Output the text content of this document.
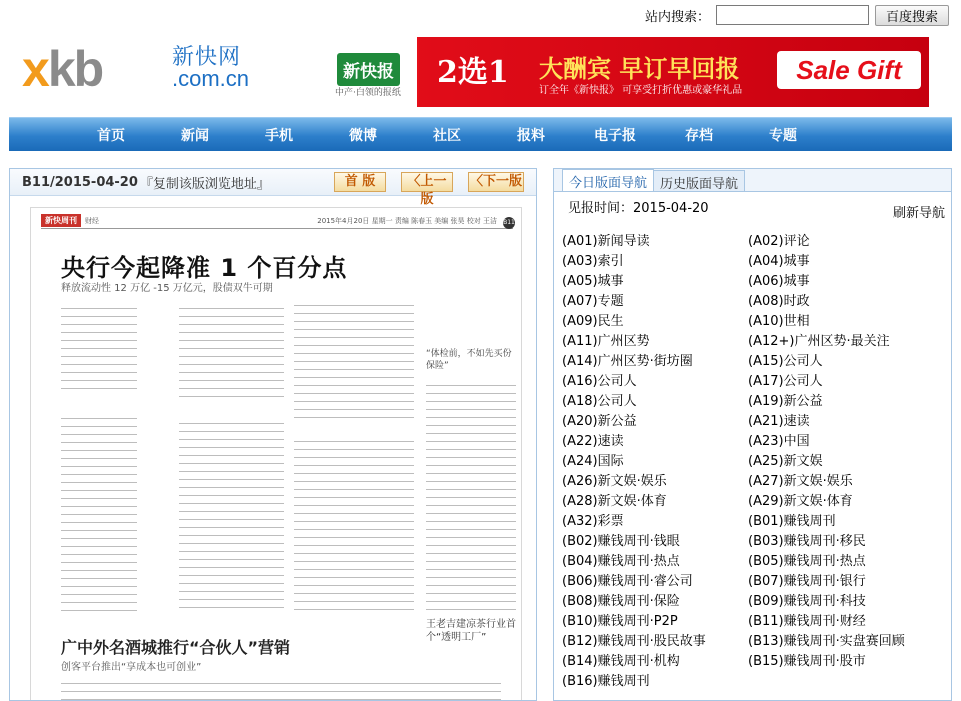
站内搜索：	百度搜索
xkb	新快网
.com.cn	新快报
中产·白领的报纸
2选1 大酬宾 早订早回报
订全年《新快报》 可享受打折优惠或豪华礼品
Sale Gift
首页	新闻	手机	微博	社区	报料	电子报	存档	专题
B11/2015-04-20 『复制该版浏览地址』	首 版	〈上一版
〈下一版
新快周刊	财经	2015年4月20日 星期一 责编 陈春玉 美编 张昊 校对 王洁 B11
央行今起降准 1 个百分点
释放流动性 12 万亿 -15 万亿元，股债双牛可期
“体检前，不如先买份保险”
广中外名酒城推行“合伙人”营销
创客平台推出“享成本也可创业”
王老吉建凉茶行业首个“透明工厂”
今日版面导航	历史版面导航
见报时间：2015-04-20	刷新导航
(A01)新闻导读	(A02)评论
(A03)索引	(A04)城事
(A05)城事	(A06)城事
(A07)专题	(A08)时政
(A09)民生	(A10)世相
(A11)广州区势	(A12+)广州区势·最关注
(A14)广州区势·街坊圈	(A15)公司人
(A16)公司人	(A17)公司人
(A18)公司人	(A19)新公益
(A20)新公益	(A21)速读
(A22)速读	(A23)中国
(A24)国际	(A25)新文娱
(A26)新文娱·娱乐	(A27)新文娱·娱乐
(A28)新文娱·体育	(A29)新文娱·体育
(A32)彩票	(B01)赚钱周刊
(B02)赚钱周刊·钱眼	(B03)赚钱周刊·移民
(B04)赚钱周刊·热点	(B05)赚钱周刊·热点
(B06)赚钱周刊·睿公司	(B07)赚钱周刊·银行
(B08)赚钱周刊·保险	(B09)赚钱周刊·科技
(B10)赚钱周刊·P2P	(B11)赚钱周刊·财经
(B12)赚钱周刊·股民故事	(B13)赚钱周刊·实盘赛回顾
(B14)赚钱周刊·机构	(B15)赚钱周刊·股市
(B16)赚钱周刊
